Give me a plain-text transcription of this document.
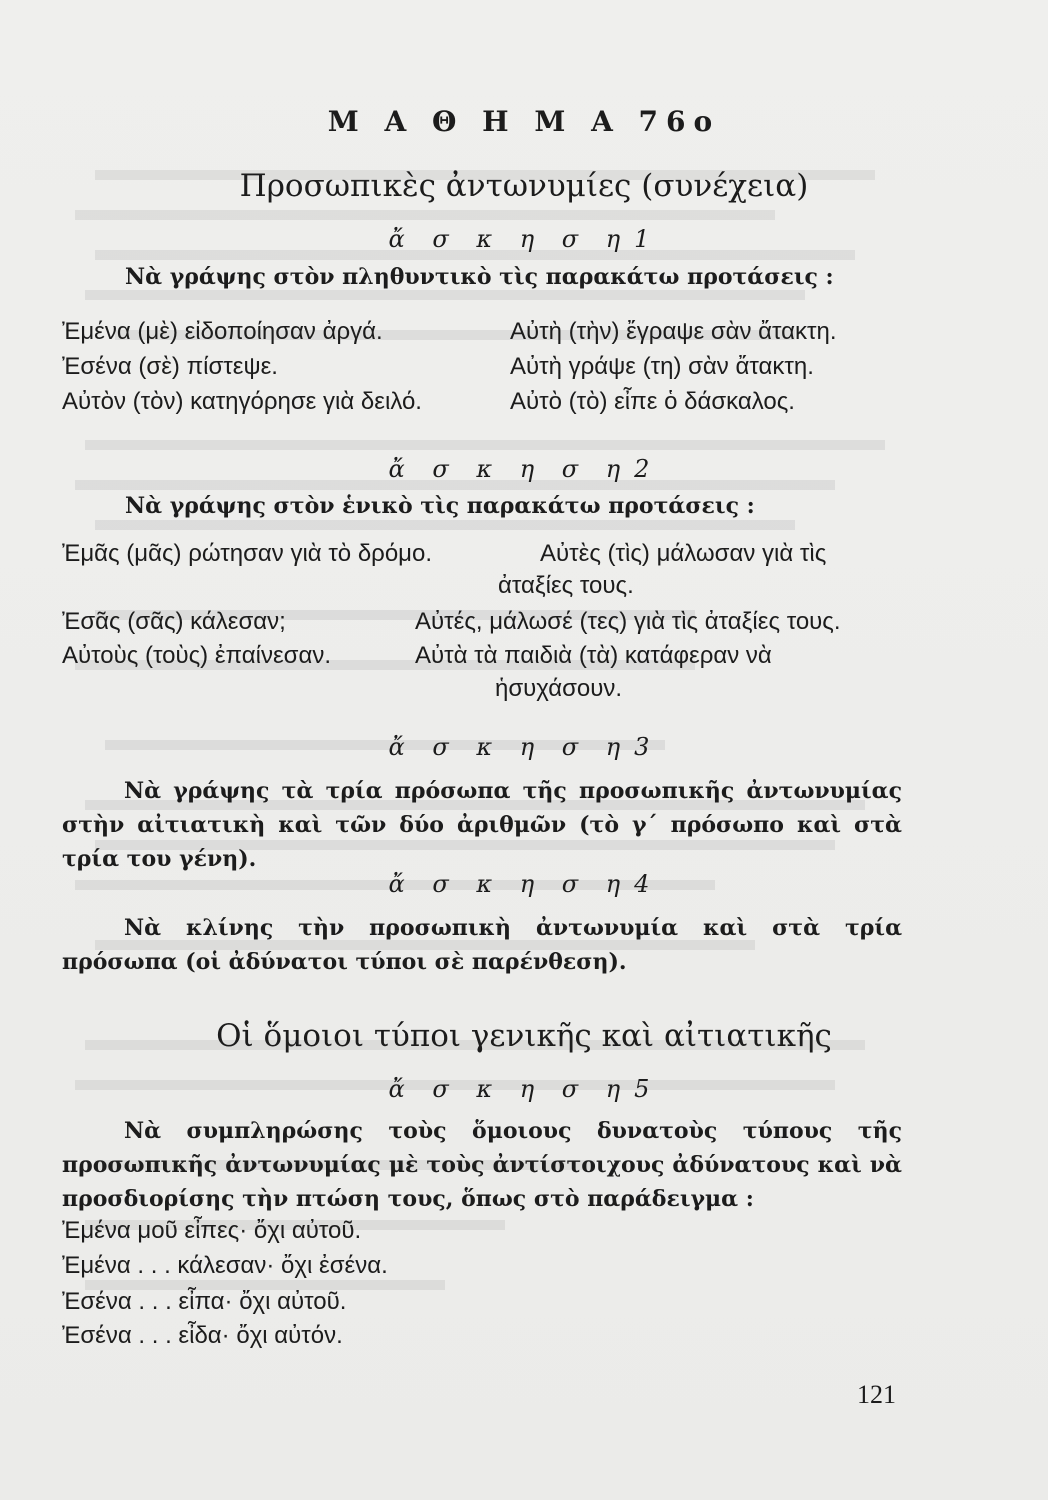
Μ Α Θ Η Μ Α 76ο
Προσωπικὲς ἀντωνυμίες (συνέχεια)
ἄ σ κ η σ η 1
Νὰ γράψης στὸν πληθυντικὸ τὶς παρακάτω προτάσεις :
Ἐμένα (μὲ) εἰδοποίησαν ἀργά.	Αὐτὴ (τὴν) ἔγραψε σὰν ἄτακτη.
Ἐσένα (σὲ) πίστεψε.	Αὐτὴ γράψε (τη) σὰν ἄτακτη.
Αὐτὸν (τὸν) κατηγόρησε γιὰ δειλό.	Αὐτὸ (τὸ) εἶπε ὁ δάσκαλος.
ἄ σ κ η σ η 2
Νὰ γράψης στὸν ἑνικὸ τὶς παρακάτω προτάσεις :
Ἐμᾶς (μᾶς) ρώτησαν γιὰ τὸ δρόμο.	Αὐτὲς (τὶς) μάλωσαν γιὰ τὶς
ἀταξίες τους.
Ἐσᾶς (σᾶς) κάλεσαν;	Αὐτές, μάλωσέ (τες) γιὰ τὶς ἀταξίες τους.
Αὐτοὺς (τοὺς) ἐπαίνεσαν.	Αὐτὰ τὰ παιδιὰ (τὰ) κατάφεραν νὰ
ἡσυχάσουν.
ἄ σ κ η σ η 3
Νὰ γράψης τὰ τρία πρόσωπα τῆς προσωπικῆς ἀντωνυμίας στὴν αἰτιατικὴ καὶ τῶν δύο ἀριθμῶν (τὸ γ΄ πρόσωπο καὶ στὰ τρία του γένη).
ἄ σ κ η σ η 4
Νὰ κλίνης τὴν προσωπικὴ ἀντωνυμία καὶ στὰ τρία πρόσωπα (οἱ ἀδύνατοι τύποι σὲ παρένθεση).
Οἱ ὅμοιοι τύποι γενικῆς καὶ αἰτιατικῆς
ἄ σ κ η σ η 5
Νὰ συμπληρώσης τοὺς ὅμοιους δυνατοὺς τύπους τῆς προσωπικῆς ἀντωνυμίας μὲ τοὺς ἀντίστοιχους ἀδύνατους καὶ νὰ προσδιορίσης τὴν πτώση τους, ὅπως στὸ παράδειγμα :
Ἐμένα μοῦ εἶπες· ὄχι αὐτοῦ.
Ἐμένα . . . κάλεσαν· ὄχι ἐσένα.
Ἐσένα . . . εἶπα· ὄχι αὐτοῦ.
Ἐσένα . . . εἶδα· ὄχι αὐτόν.
121
